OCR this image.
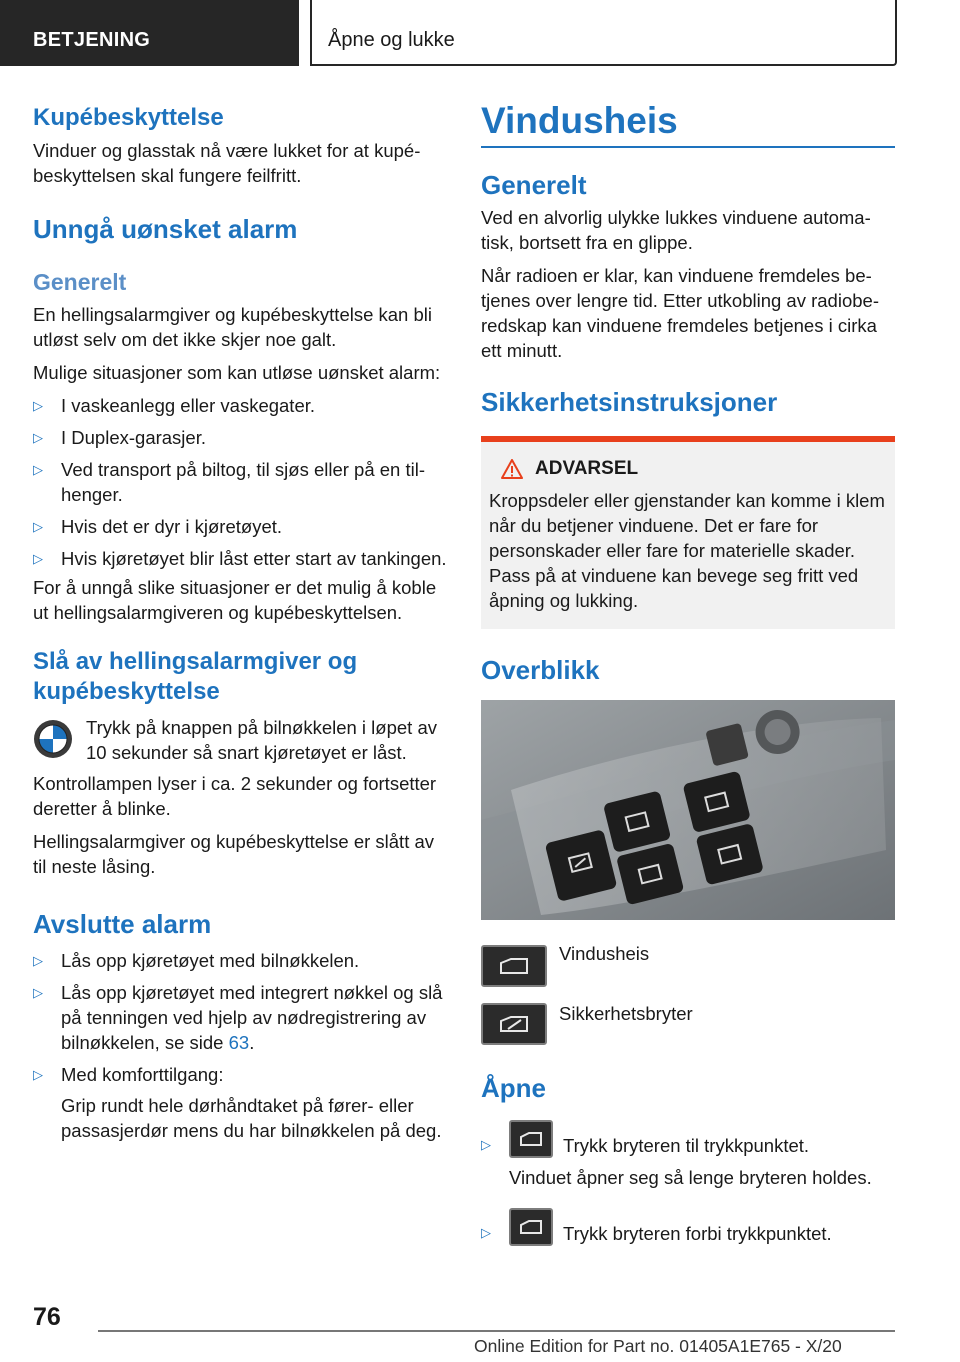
BETJENING	Åpne og lukke
Kupébeskyttelse

Vinduer og glasstak nå være lukket for at kupébeskyttelsen skal fungere feilfritt.

Unngå uønsket alarm
Generelt

En hellingsalarmgiver og kupébeskyttelse kan bli utløst selv om det ikke skjer noe galt.

Mulige situasjoner som kan utløse uønsket alarm:

▷ I vaskeanlegg eller vaskegater.
▷ I Duplex-garasjer.
▷ Ved transport på biltog, til sjøs eller på en tilhenger.
▷ Hvis det er dyr i kjøretøyet.
▷ Hvis kjøretøyet blir låst etter start av tankingen.

For å unngå slike situasjoner er det mulig å koble ut hellingsalarmgiveren og kupébeskyttelsen.

Slå av hellingsalarmgiver og kupébeskyttelse

Trykk på knappen på bilnøkkelen i løpet av 10 sekunder så snart kjøretøyet er låst.

Kontrollampen lyser i ca. 2 sekunder og fortsetter deretter å blinke.

Hellingsalarmgiver og kupébeskyttelse er slått av til neste låsing.

Avslutte alarm
▷ Lås opp kjøretøyet med bilnøkkelen.
▷ Lås opp kjøretøyet med integrert nøkkel og slå på tenningen ved hjelp av nødregistrering av bilnøkkelen, se side 63.
▷ Med komforttilgang:

Grip rundt hele dørhåndtaket på fører- eller passasjerdør mens du har bilnøkkelen på deg.

Vindusheis
Generelt

Ved en alvorlig ulykke lukkes vinduene automatisk, bortsett fra en glippe.

Når radioen er klar, kan vinduene fremdeles betjenes over lengre tid. Etter utkobling av radioberedskap kan vinduene fremdeles betjenes i cirka ett minutt.

Sikkerhetsinstruksjoner
ADVARSEL

Kroppsdeler eller gjenstander kan komme i klem når du betjener vinduene. Det er fare for personskader eller fare for materielle skader. Pass på at vinduene kan bevege seg fritt ved åpning og lukking.

Overblikk

Vindusheis

Sikkerhetsbryter

Åpne
▷	Trykk bryteren til trykkpunktet.

Vinduet åpner seg så lenge bryteren holdes.

▷	Trykk bryteren forbi trykkpunktet.
76
Online Edition for Part no. 01405A1E765 - X/20
